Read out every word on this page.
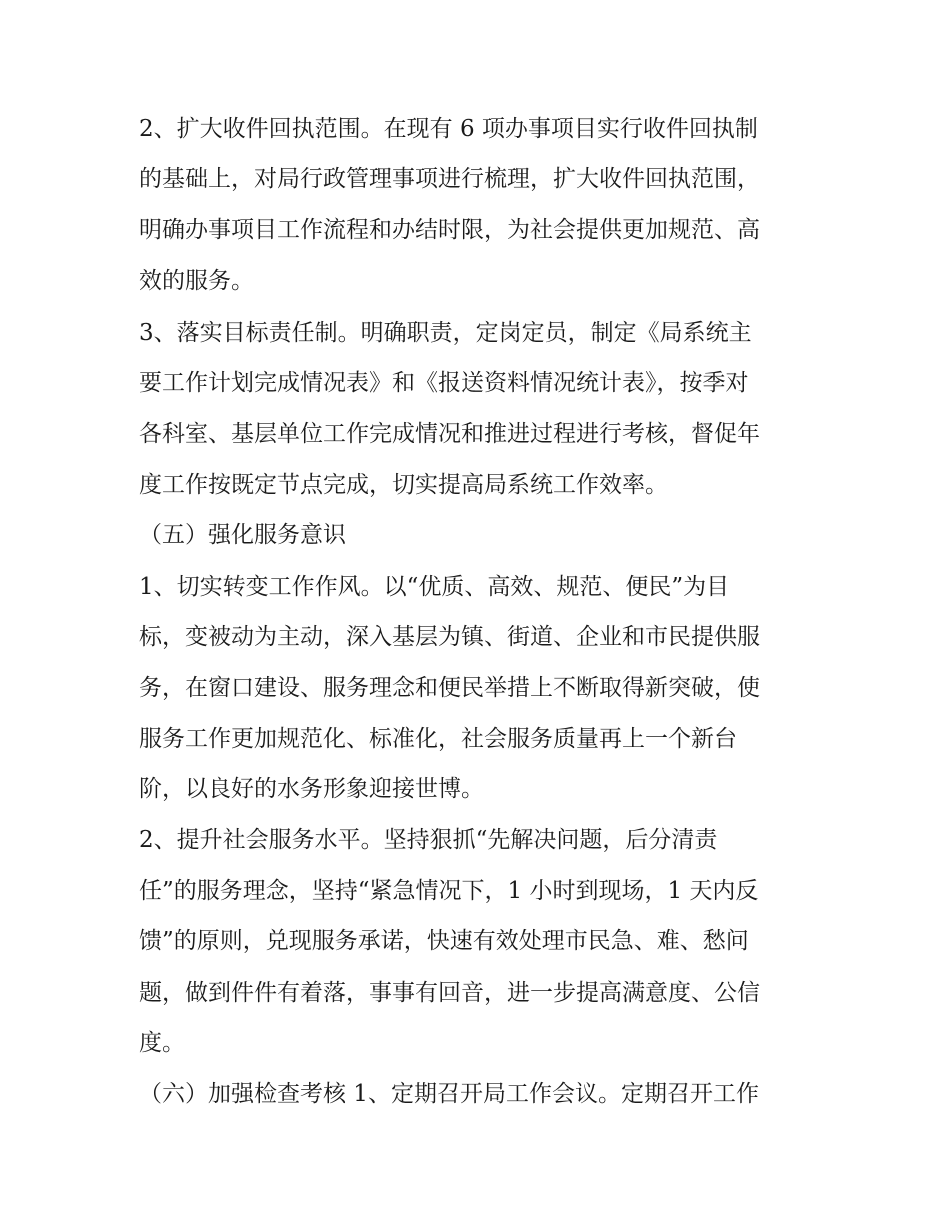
2、扩大收件回执范围。在现有 6 项办事项目实行收件回执制
的基础上，对局行政管理事项进行梳理，扩大收件回执范围，
明确办事项目工作流程和办结时限，为社会提供更加规范、高
效的服务。
3、落实目标责任制。明确职责，定岗定员，制定《局系统主
要工作计划完成情况表》和《报送资料情况统计表》，按季对
各科室、基层单位工作完成情况和推进过程进行考核，督促年
度工作按既定节点完成，切实提高局系统工作效率。
（五）强化服务意识
1、切实转变工作作风。以“优质、高效、规范、便民”为目
标，变被动为主动，深入基层为镇、街道、企业和市民提供服
务，在窗口建设、服务理念和便民举措上不断取得新突破，使
服务工作更加规范化、标准化，社会服务质量再上一个新台
阶，以良好的水务形象迎接世博。
2、提升社会服务水平。坚持狠抓“先解决问题，后分清责
任”的服务理念，坚持“紧急情况下，1 小时到现场，1 天内反
馈”的原则，兑现服务承诺，快速有效处理市民急、难、愁问
题，做到件件有着落，事事有回音，进一步提高满意度、公信
度。
（六）加强检查考核 1、定期召开局工作会议。定期召开工作
